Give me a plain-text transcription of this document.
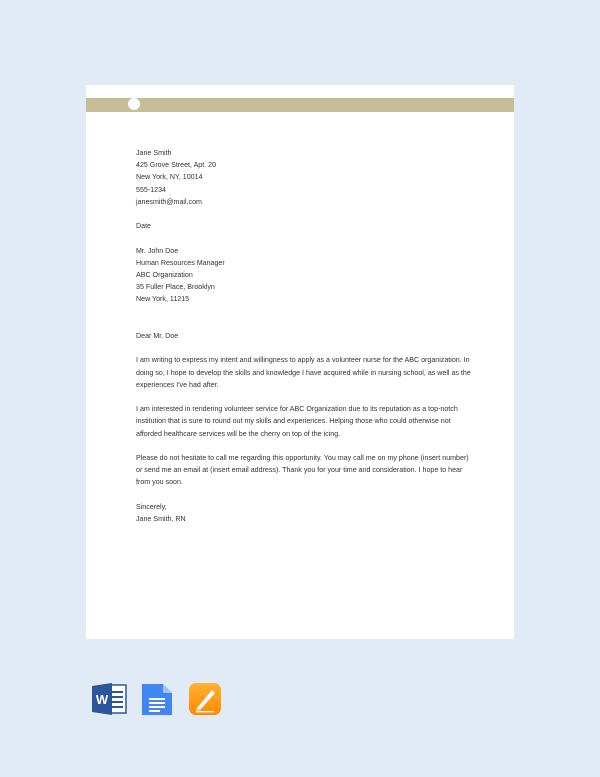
Jane Smith
425 Grove Street, Apt. 20
New York, NY, 10014
555-1234
janesmith@mail.com
Date
Mr. John Doe
Human Resources Manager
ABC Organization
35 Fuller Place, Brooklyn
New York, 11215

Dear Mr. Doe

I am writing to express my intent and willingness to apply as a volunteer nurse for the ABC organization. In doing so, I hope to develop the skills and knowledge I have acquired while in nursing school, as well as the experiences I've had after.

I am interested in rendering volunteer service for ABC Organization due to its reputation as a top-notch institution that is sure to round out my skills and experiences. Helping those who could otherwise not afforded healthcare services will be the cherry on top of the icing.

Please do not hesitate to call me regarding this opportunity. You may call me on my phone (insert number) or send me an email at (insert email address). Thank you for your time and consideration. I hope to hear from you soon.

Sincerely,
Jane Smith, RN
W
